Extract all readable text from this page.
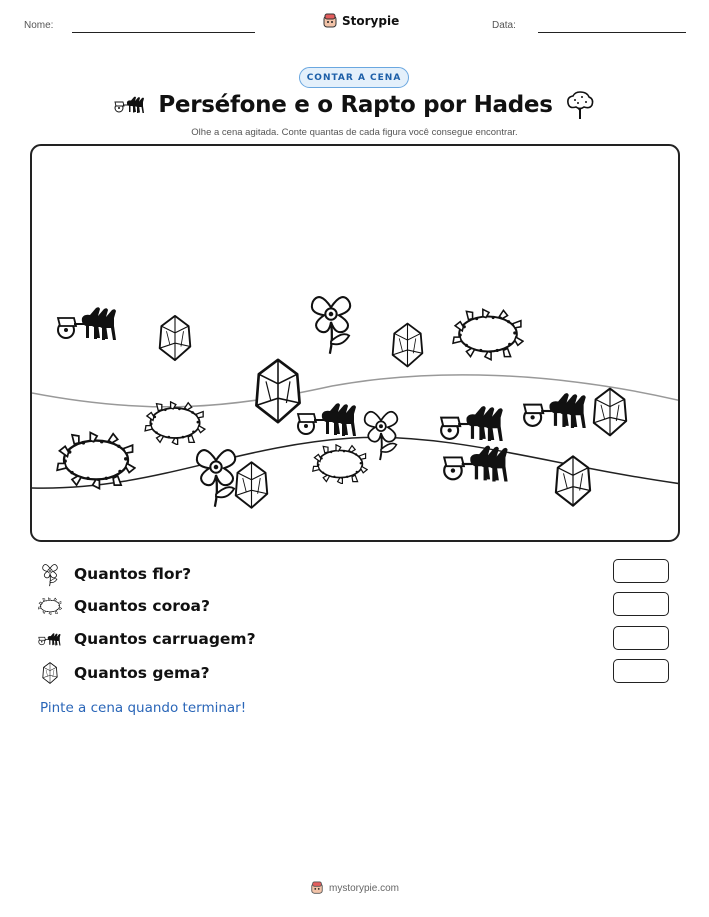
Nome:	Data:
Storypie
CONTAR A CENA
Perséfone e o Rapto por Hades
Olhe a cena agitada. Conte quantas de cada figura você consegue encontrar.
Quantos flor?
Quantos coroa?
Quantos carruagem?
Quantos gema?
Pinte a cena quando terminar!
mystorypie.com
